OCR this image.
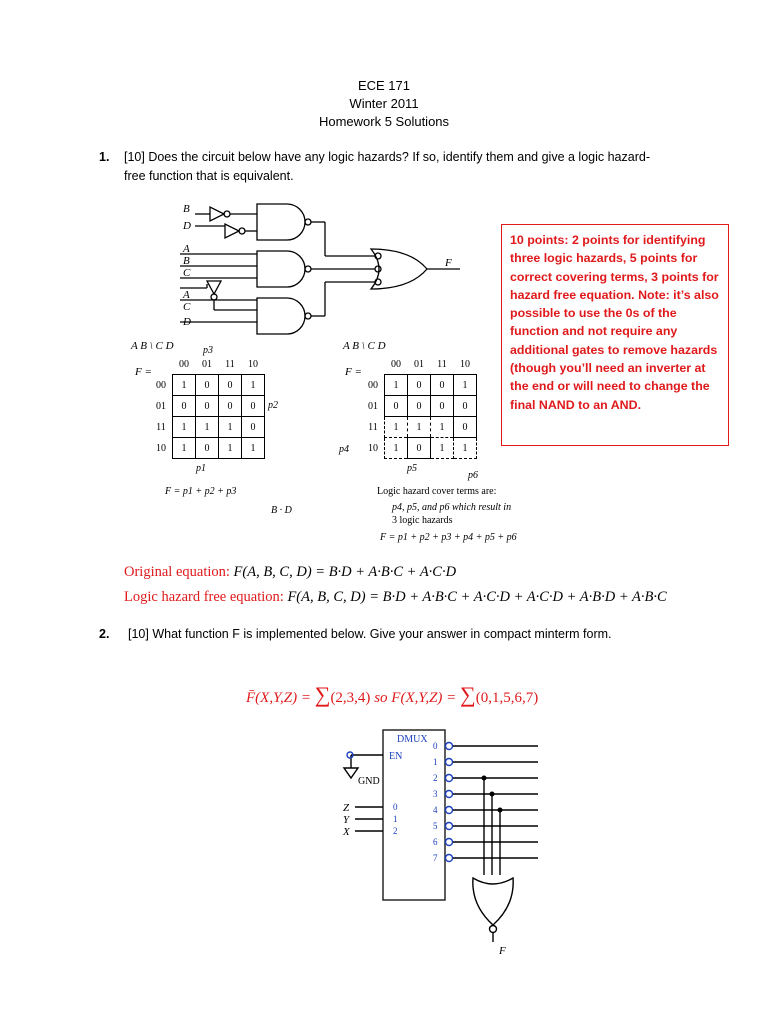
ECE 171
Winter 2011
Homework 5 Solutions
1. [10] Does the circuit below have any logic hazards? If so, identify them and give a logic hazard-
free function that is equivalent.
B
D
A
B
C
A
C
D
F
10 points: 2 points for identifying three logic hazards, 5 points for correct covering terms, 3 points for hazard free equation. Note: it’s also possible to use the 0s of the function and not require any additional gates to remove hazards (though you’ll need an inverter at the end or will need to change the final NAND to an AND.
A B \ C D
F =
p3
p2
p1
	00	01	11	10
00	1	0	0	1
01	0	0	0	0
11	1	1	1	0
10	1	0	1	1
F = p1 + p2 + p3
B · D
A B \ C D
F =
p4
p5
p6
	00	01	11	10
00	1	0	0	1
01	0	0	0	0
11	1	1	1	0
10	1	0	1	1
Logic hazard cover terms are:
p4, p5, and p6 which result in
3 logic hazards
F = p1 + p2 + p3 + p4 + p5 + p6
Original equation: F(A, B, C, D) = B·D + A·B·C + A·C·D
Logic hazard free equation: F(A, B, C, D) = B·D + A·B·C + A·C·D + A·C·D + A·B·D + A·B·C
2. [10] What function F is implemented below. Give your answer in compact minterm form.
F̄(X,Y,Z) = ∑(2,3,4) so F(X,Y,Z) = ∑(0,1,5,6,7)
DMUX
EN
GND
Z
Y
X
0
1
2
0
1
2
3
4
5
6
7
F
